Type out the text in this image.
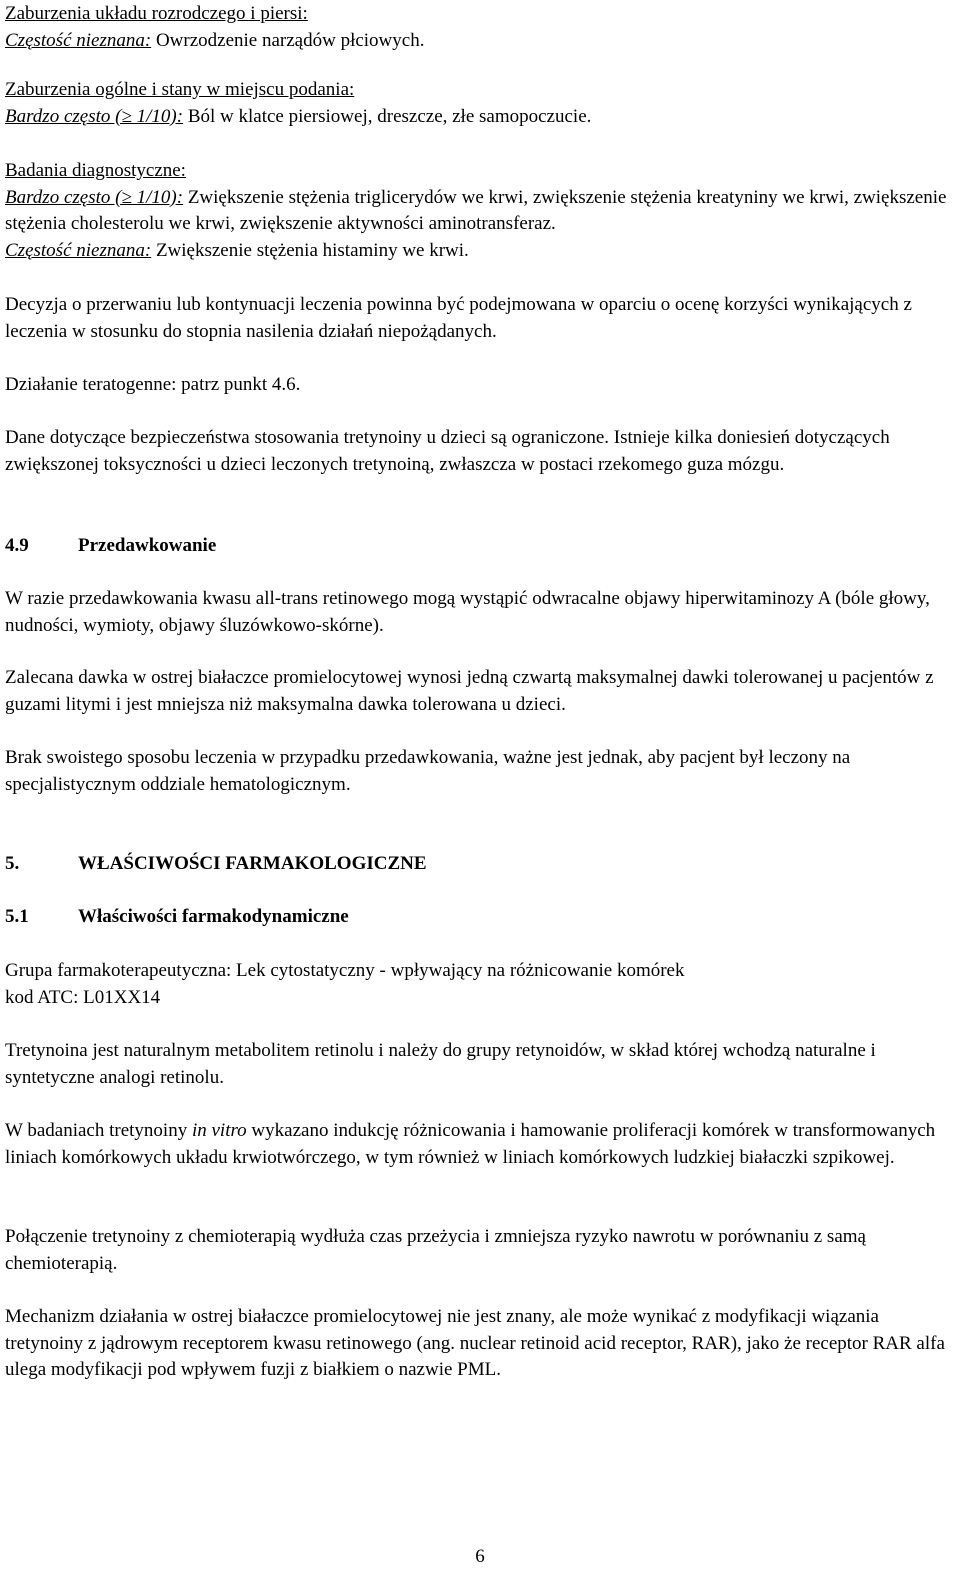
Zaburzenia układu rozrodczego i piersi:

Częstość nieznana: Owrzodzenie narządów płciowych.

Zaburzenia ogólne i stany w miejscu podania:

Bardzo często (≥ 1/10): Ból w klatce piersiowej, dreszcze, złe samopoczucie.

Badania diagnostyczne:

Bardzo często (≥ 1/10): Zwiększenie stężenia triglicerydów we krwi, zwiększenie stężenia kreatyniny we krwi, zwiększenie stężenia cholesterolu we krwi, zwiększenie aktywności aminotransferaz.

Częstość nieznana: Zwiększenie stężenia histaminy we krwi.

Decyzja o przerwaniu lub kontynuacji leczenia powinna być podejmowana w oparciu o ocenę korzyści wynikających z leczenia w stosunku do stopnia nasilenia działań niepożądanych.

Działanie teratogenne: patrz punkt 4.6.

Dane dotyczące bezpieczeństwa stosowania tretynoiny u dzieci są ograniczone. Istnieje kilka doniesień dotyczących zwiększonej toksyczności u dzieci leczonych tretynoiną, zwłaszcza w postaci rzekomego guza mózgu.

4.9	Przedawkowanie

W razie przedawkowania kwasu all-trans retinowego mogą wystąpić odwracalne objawy hiperwitaminozy A (bóle głowy, nudności, wymioty, objawy śluzówkowo-skórne).

Zalecana dawka w ostrej białaczce promielocytowej wynosi jedną czwartą maksymalnej dawki tolerowanej u pacjentów z guzami litymi i jest mniejsza niż maksymalna dawka tolerowana u dzieci.

Brak swoistego sposobu leczenia w przypadku przedawkowania, ważne jest jednak, aby pacjent był leczony na specjalistycznym oddziale hematologicznym.

5.	WŁAŚCIWOŚCI FARMAKOLOGICZNE

5.1	Właściwości farmakodynamiczne

Grupa farmakoterapeutyczna: Lek cytostatyczny - wpływający na różnicowanie komórek

kod ATC: L01XX14

Tretynoina jest naturalnym metabolitem retinolu i należy do grupy retynoidów, w skład której wchodzą naturalne i syntetyczne analogi retinolu.

W badaniach tretynoiny in vitro wykazano indukcję różnicowania i hamowanie proliferacji komórek w transformowanych liniach komórkowych układu krwiotwórczego, w tym również w liniach komórkowych ludzkiej białaczki szpikowej.

Połączenie tretynoiny z chemioterapią wydłuża czas przeżycia i zmniejsza ryzyko nawrotu w porównaniu z samą chemioterapią.

Mechanizm działania w ostrej białaczce promielocytowej nie jest znany, ale może wynikać z modyfikacji wiązania tretynoiny z jądrowym receptorem kwasu retinowego (ang. nuclear retinoid acid receptor, RAR), jako że receptor RAR alfa ulega modyfikacji pod wpływem fuzji z białkiem o nazwie PML.

6
